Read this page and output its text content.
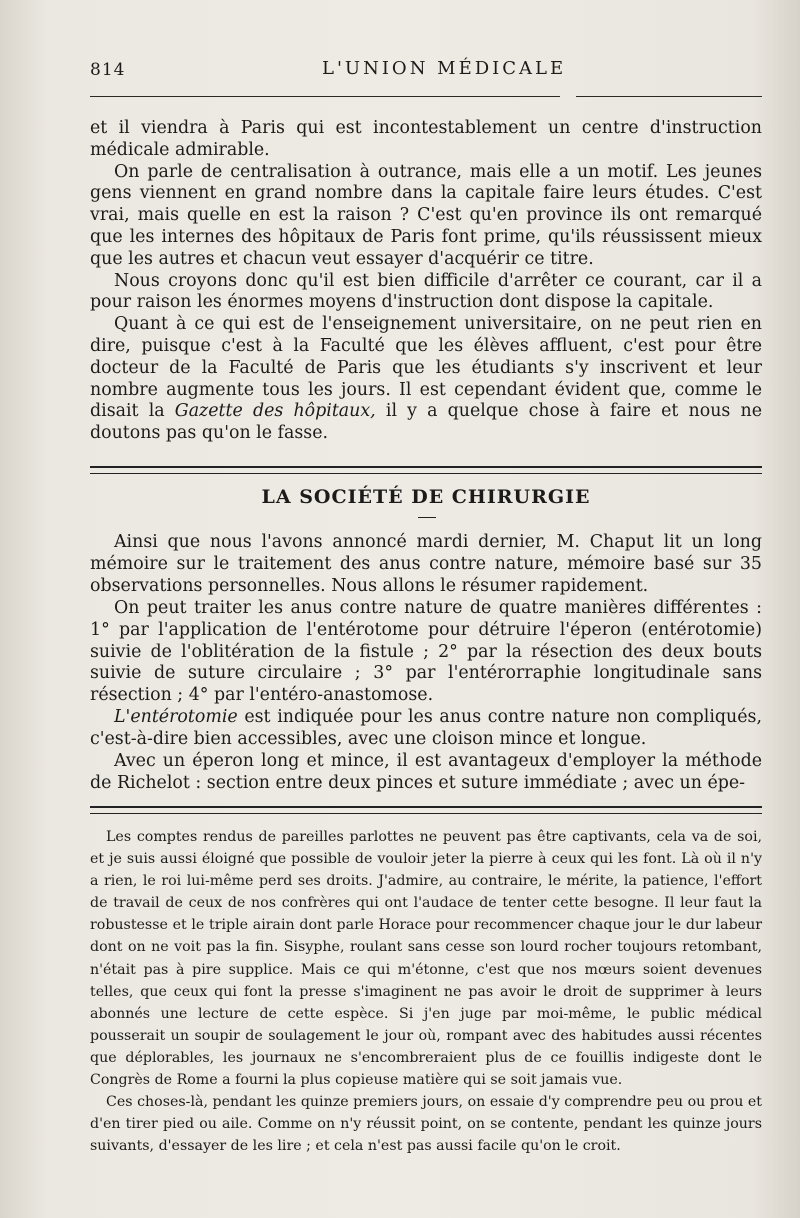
814	L'UNION MÉDICALE

et il viendra à Paris qui est incontestablement un centre d'instruction médicale admirable.

On parle de centralisation à outrance, mais elle a un motif. Les jeunes gens viennent en grand nombre dans la capitale faire leurs études. C'est vrai, mais quelle en est la raison ? C'est qu'en province ils ont remarqué que les internes des hôpitaux de Paris font prime, qu'ils réussissent mieux que les autres et chacun veut essayer d'acquérir ce titre.

Nous croyons donc qu'il est bien difficile d'arrêter ce courant, car il a pour raison les énormes moyens d'instruction dont dispose la capitale.

Quant à ce qui est de l'enseignement universitaire, on ne peut rien en dire, puisque c'est à la Faculté que les élèves affluent, c'est pour être docteur de la Faculté de Paris que les étudiants s'y inscrivent et leur nombre augmente tous les jours. Il est cependant évident que, comme le disait la Gazette des hôpitaux, il y a quelque chose à faire et nous ne doutons pas qu'on le fasse.

LA SOCIÉTÉ DE CHIRURGIE

Ainsi que nous l'avons annoncé mardi dernier, M. Chaput lit un long mémoire sur le traitement des anus contre nature, mémoire basé sur 35 observations personnelles. Nous allons le résumer rapidement.

On peut traiter les anus contre nature de quatre manières différentes : 1° par l'application de l'entérotome pour détruire l'éperon (entérotomie) suivie de l'oblitération de la fistule ; 2° par la résection des deux bouts suivie de suture circulaire ; 3° par l'entérorraphie longitudinale sans résection ; 4° par l'entéro-anastomose.

L'entérotomie est indiquée pour les anus contre nature non compliqués, c'est-à-dire bien accessibles, avec une cloison mince et longue.

Avec un éperon long et mince, il est avantageux d'employer la méthode de Richelot : section entre deux pinces et suture immédiate ; avec un épe-

Les comptes rendus de pareilles parlottes ne peuvent pas être captivants, cela va de soi, et je suis aussi éloigné que possible de vouloir jeter la pierre à ceux qui les font. Là où il n'y a rien, le roi lui-même perd ses droits. J'admire, au contraire, le mérite, la patience, l'effort de travail de ceux de nos confrères qui ont l'audace de tenter cette besogne. Il leur faut la robustesse et le triple airain dont parle Horace pour recommencer chaque jour le dur labeur dont on ne voit pas la fin. Sisyphe, roulant sans cesse son lourd rocher toujours retombant, n'était pas à pire supplice. Mais ce qui m'étonne, c'est que nos mœurs soient devenues telles, que ceux qui font la presse s'imaginent ne pas avoir le droit de supprimer à leurs abonnés une lecture de cette espèce. Si j'en juge par moi-même, le public médical pousserait un soupir de soulagement le jour où, rompant avec des habitudes aussi récentes que déplorables, les journaux ne s'encombreraient plus de ce fouillis indigeste dont le Congrès de Rome a fourni la plus copieuse matière qui se soit jamais vue.

Ces choses-là, pendant les quinze premiers jours, on essaie d'y comprendre peu ou prou et d'en tirer pied ou aile. Comme on n'y réussit point, on se contente, pendant les quinze jours suivants, d'essayer de les lire ; et cela n'est pas aussi facile qu'on le croit.
